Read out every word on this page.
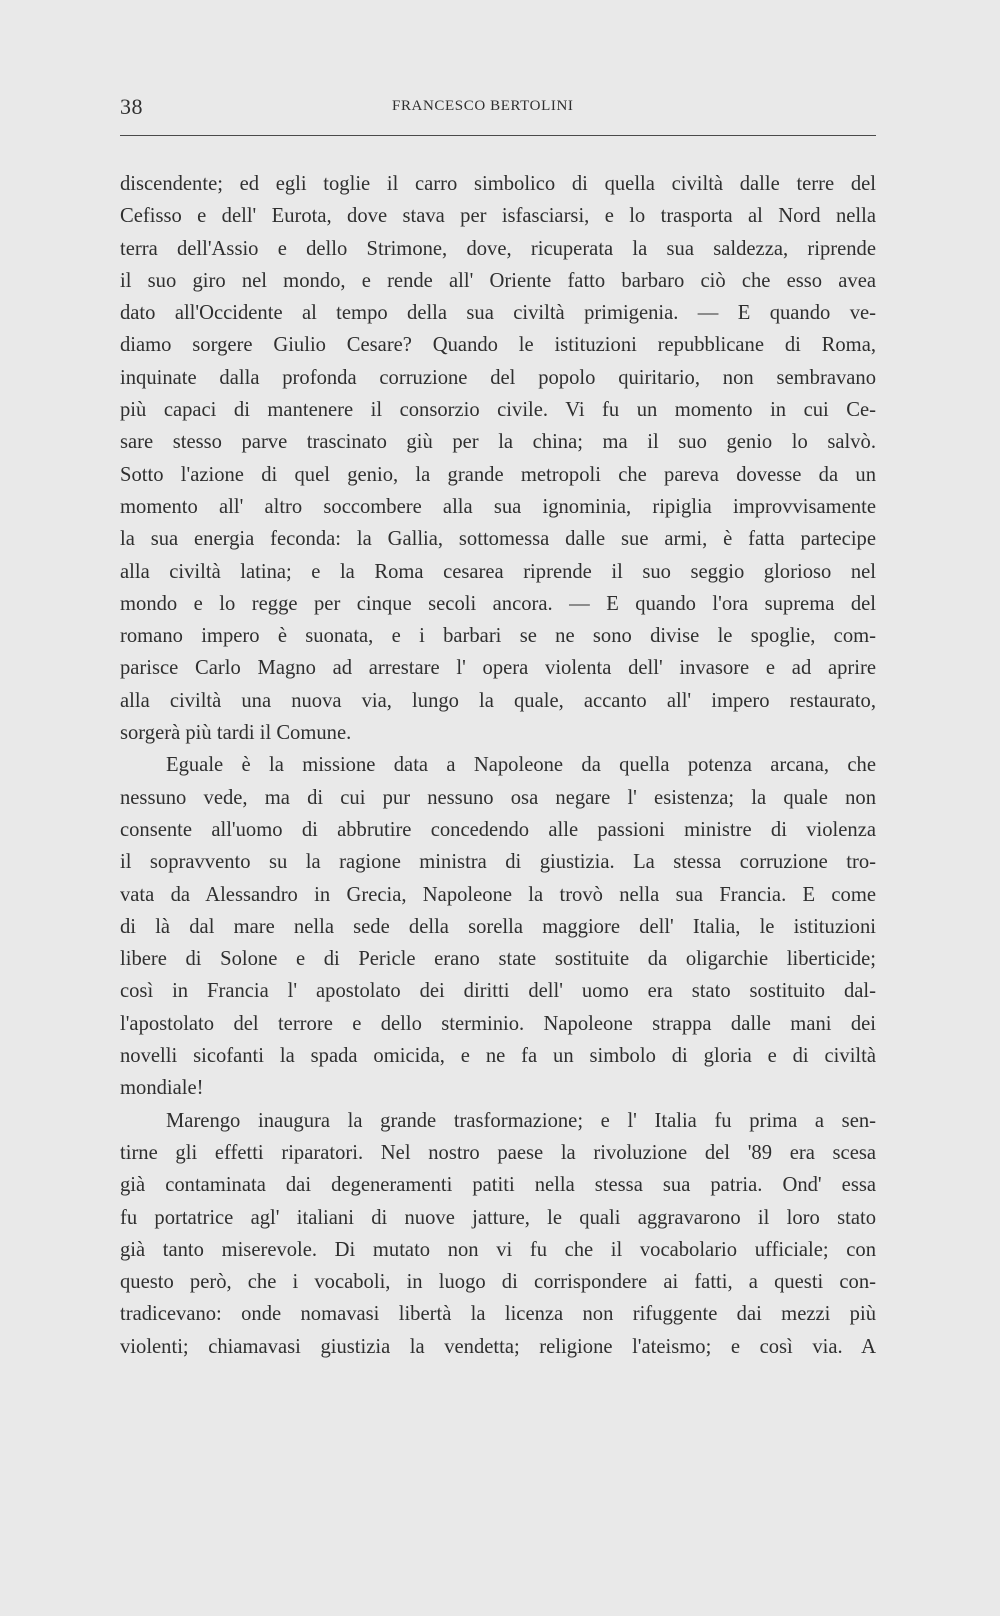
38	FRANCESCO BERTOLINI
discendente; ed egli toglie il carro simbolico di quella civiltà dalle terre del
Cefisso e dell' Eurota, dove stava per isfasciarsi, e lo trasporta al Nord nella
terra dell'Assio e dello Strimone, dove, ricuperata la sua saldezza, riprende
il suo giro nel mondo, e rende all' Oriente fatto barbaro ciò che esso avea
dato all'Occidente al tempo della sua civiltà primigenia. — E quando ve-
diamo sorgere Giulio Cesare? Quando le istituzioni repubblicane di Roma,
inquinate dalla profonda corruzione del popolo quiritario, non sembravano
più capaci di mantenere il consorzio civile. Vi fu un momento in cui Ce-
sare stesso parve trascinato giù per la china; ma il suo genio lo salvò.
Sotto l'azione di quel genio, la grande metropoli che pareva dovesse da un
momento all' altro soccombere alla sua ignominia, ripiglia improvvisamente
la sua energia feconda: la Gallia, sottomessa dalle sue armi, è fatta partecipe
alla civiltà latina; e la Roma cesarea riprende il suo seggio glorioso nel
mondo e lo regge per cinque secoli ancora. — E quando l'ora suprema del
romano impero è suonata, e i barbari se ne sono divise le spoglie, com-
parisce Carlo Magno ad arrestare l' opera violenta dell' invasore e ad aprire
alla civiltà una nuova via, lungo la quale, accanto all' impero restaurato,
sorgerà più tardi il Comune.
Eguale è la missione data a Napoleone da quella potenza arcana, che
nessuno vede, ma di cui pur nessuno osa negare l' esistenza; la quale non
consente all'uomo di abbrutire concedendo alle passioni ministre di violenza
il sopravvento su la ragione ministra di giustizia. La stessa corruzione tro-
vata da Alessandro in Grecia, Napoleone la trovò nella sua Francia. E come
di là dal mare nella sede della sorella maggiore dell' Italia, le istituzioni
libere di Solone e di Pericle erano state sostituite da oligarchie liberticide;
così in Francia l' apostolato dei diritti dell' uomo era stato sostituito dal-
l'apostolato del terrore e dello sterminio. Napoleone strappa dalle mani dei
novelli sicofanti la spada omicida, e ne fa un simbolo di gloria e di civiltà
mondiale!
Marengo inaugura la grande trasformazione; e l' Italia fu prima a sen-
tirne gli effetti riparatori. Nel nostro paese la rivoluzione del '89 era scesa
già contaminata dai degeneramenti patiti nella stessa sua patria. Ond' essa
fu portatrice agl' italiani di nuove jatture, le quali aggravarono il loro stato
già tanto miserevole. Di mutato non vi fu che il vocabolario ufficiale; con
questo però, che i vocaboli, in luogo di corrispondere ai fatti, a questi con-
tradicevano: onde nomavasi libertà la licenza non rifuggente dai mezzi più
violenti; chiamavasi giustizia la vendetta; religione l'ateismo; e così via. A
